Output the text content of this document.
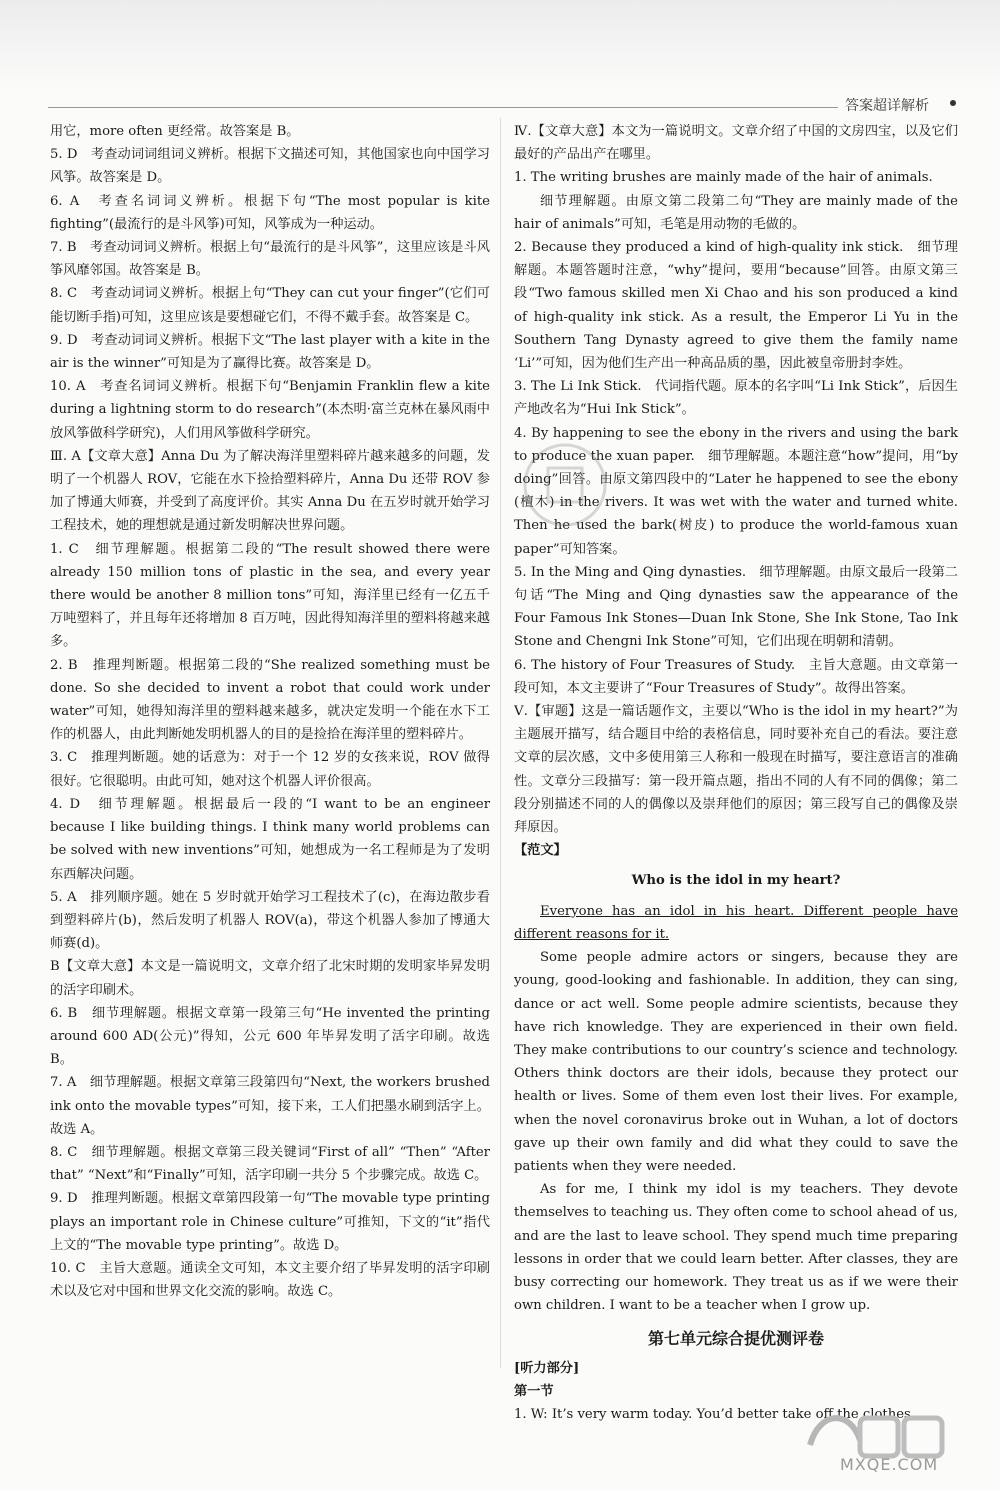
答案超详解析

用它，more often 更经常。故答案是 B。

5. D　考查动词词组词义辨析。根据下文描述可知，其他国家也向中国学习风筝。故答案是 D。

6. A　考查名词词义辨析。根据下句“The most popular is kite fighting”(最流行的是斗风筝)可知，风筝成为一种运动。

7. B　考查动词词义辨析。根据上句“最流行的是斗风筝”，这里应该是斗风筝风靡邻国。故答案是 B。

8. C　考查动词词义辨析。根据上句“They can cut your finger”(它们可能切断手指)可知，这里应该是要想碰它们，不得不戴手套。故答案是 C。

9. D　考查动词词义辨析。根据下文“The last player with a kite in the air is the winner”可知是为了赢得比赛。故答案是 D。

10. A　考查名词词义辨析。根据下句“Benjamin Franklin flew a kite during a lightning storm to do research”(本杰明·富兰克林在暴风雨中放风筝做科学研究)，人们用风筝做科学研究。

Ⅲ. A【文章大意】Anna Du 为了解决海洋里塑料碎片越来越多的问题，发明了一个机器人 ROV，它能在水下捡拾塑料碎片，Anna Du 还带 ROV 参加了博通大师赛，并受到了高度评价。其实 Anna Du 在五岁时就开始学习工程技术，她的理想就是通过新发明解决世界问题。

1. C　细节理解题。根据第二段的“The result showed there were already 150 million tons of plastic in the sea, and every year there would be another 8 million tons”可知，海洋里已经有一亿五千万吨塑料了，并且每年还将增加 8 百万吨，因此得知海洋里的塑料将越来越多。

2. B　推理判断题。根据第二段的“She realized something must be done. So she decided to invent a robot that could work under water”可知，她得知海洋里的塑料越来越多，就决定发明一个能在水下工作的机器人，由此判断她发明机器人的目的是捡拾在海洋里的塑料碎片。

3. C　推理判断题。她的话意为：对于一个 12 岁的女孩来说，ROV 做得很好。它很聪明。由此可知，她对这个机器人评价很高。

4. D　细节理解题。根据最后一段的“I want to be an engineer because I like building things. I think many world problems can be solved with new inventions”可知，她想成为一名工程师是为了发明东西解决问题。

5. A　排列顺序题。她在 5 岁时就开始学习工程技术了(c)，在海边散步看到塑料碎片(b)，然后发明了机器人 ROV(a)，带这个机器人参加了博通大师赛(d)。

B【文章大意】本文是一篇说明文，文章介绍了北宋时期的发明家毕昇发明的活字印刷术。

6. B　细节理解题。根据文章第一段第三句“He invented the printing around 600 AD(公元)”得知，公元 600 年毕昇发明了活字印刷。故选 B。

7. A　细节理解题。根据文章第三段第四句“Next, the workers brushed ink onto the movable types”可知，接下来，工人们把墨水刷到活字上。故选 A。

8. C　细节理解题。根据文章第三段关键词“First of all” “Then” “After that” “Next”和“Finally”可知，活字印刷一共分 5 个步骤完成。故选 C。

9. D　推理判断题。根据文章第四段第一句“The movable type printing plays an important role in Chinese culture”可推知，下文的“it”指代上文的“The movable type printing”。故选 D。

10. C　主旨大意题。通读全文可知，本文主要介绍了毕昇发明的活字印刷术以及它对中国和世界文化交流的影响。故选 C。

Ⅳ.【文章大意】本文为一篇说明文。文章介绍了中国的文房四宝，以及它们最好的产品出产在哪里。

1. The writing brushes are mainly made of the hair of animals.

细节理解题。由原文第二段第二句“They are mainly made of the hair of animals”可知，毛笔是用动物的毛做的。

2. Because they produced a kind of high-quality ink stick.　细节理解题。本题答题时注意，“why”提问，要用“because”回答。由原文第三段“Two famous skilled men Xi Chao and his son produced a kind of high-quality ink stick. As a result, the Emperor Li Yu in the Southern Tang Dynasty agreed to give them the family name ‘Li’”可知，因为他们生产出一种高品质的墨，因此被皇帝册封李姓。

3. The Li Ink Stick.　代词指代题。原本的名字叫“Li Ink Stick”，后因生产地改名为“Hui Ink Stick”。

4. By happening to see the ebony in the rivers and using the bark to produce the xuan paper.　细节理解题。本题注意“how”提问，用“by doing”回答。由原文第四段中的“Later he happened to see the ebony (檀木) in the rivers. It was wet with the water and turned white. Then he used the bark(树皮) to produce the world-famous xuan paper”可知答案。

5. In the Ming and Qing dynasties.　细节理解题。由原文最后一段第二句话“The Ming and Qing dynasties saw the appearance of the Four Famous Ink Stones—Duan Ink Stone, She Ink Stone, Tao Ink Stone and Chengni Ink Stone”可知，它们出现在明朝和清朝。

6. The history of Four Treasures of Study.　主旨大意题。由文章第一段可知，本文主要讲了“Four Treasures of Study”。故得出答案。

Ⅴ.【审题】这是一篇话题作文，主要以“Who is the idol in my heart?”为主题展开描写，结合题目中给的表格信息，同时要补充自己的看法。要注意文章的层次感，文中多使用第三人称和一般现在时描写，要注意语言的准确性。文章分三段描写：第一段开篇点题，指出不同的人有不同的偶像；第二段分别描述不同的人的偶像以及崇拜他们的原因；第三段写自己的偶像及崇拜原因。

【范文】

Who is the idol in my heart?

Everyone has an idol in his heart. Different people have different reasons for it.

Some people admire actors or singers, because they are young, good-looking and fashionable. In addition, they can sing, dance or act well. Some people admire scientists, because they have rich knowledge. They are experienced in their own field. They make contributions to our country’s science and technology. Others think doctors are their idols, because they protect our health or lives. Some of them even lost their lives. For example, when the novel coronavirus broke out in Wuhan, a lot of doctors gave up their own family and did what they could to save the patients when they were needed.

As for me, I think my idol is my teachers. They devote themselves to teaching us. They often come to school ahead of us, and are the last to leave school. They spend much time preparing lessons in order that we could learn better. After classes, they are busy correcting our homework. They treat us as if we were their own children. I want to be a teacher when I grow up.

第七单元综合提优测评卷

[听力部分]

第一节

1. W: It’s very warm today. You’d better take off the clothes.

MXQE.COM
